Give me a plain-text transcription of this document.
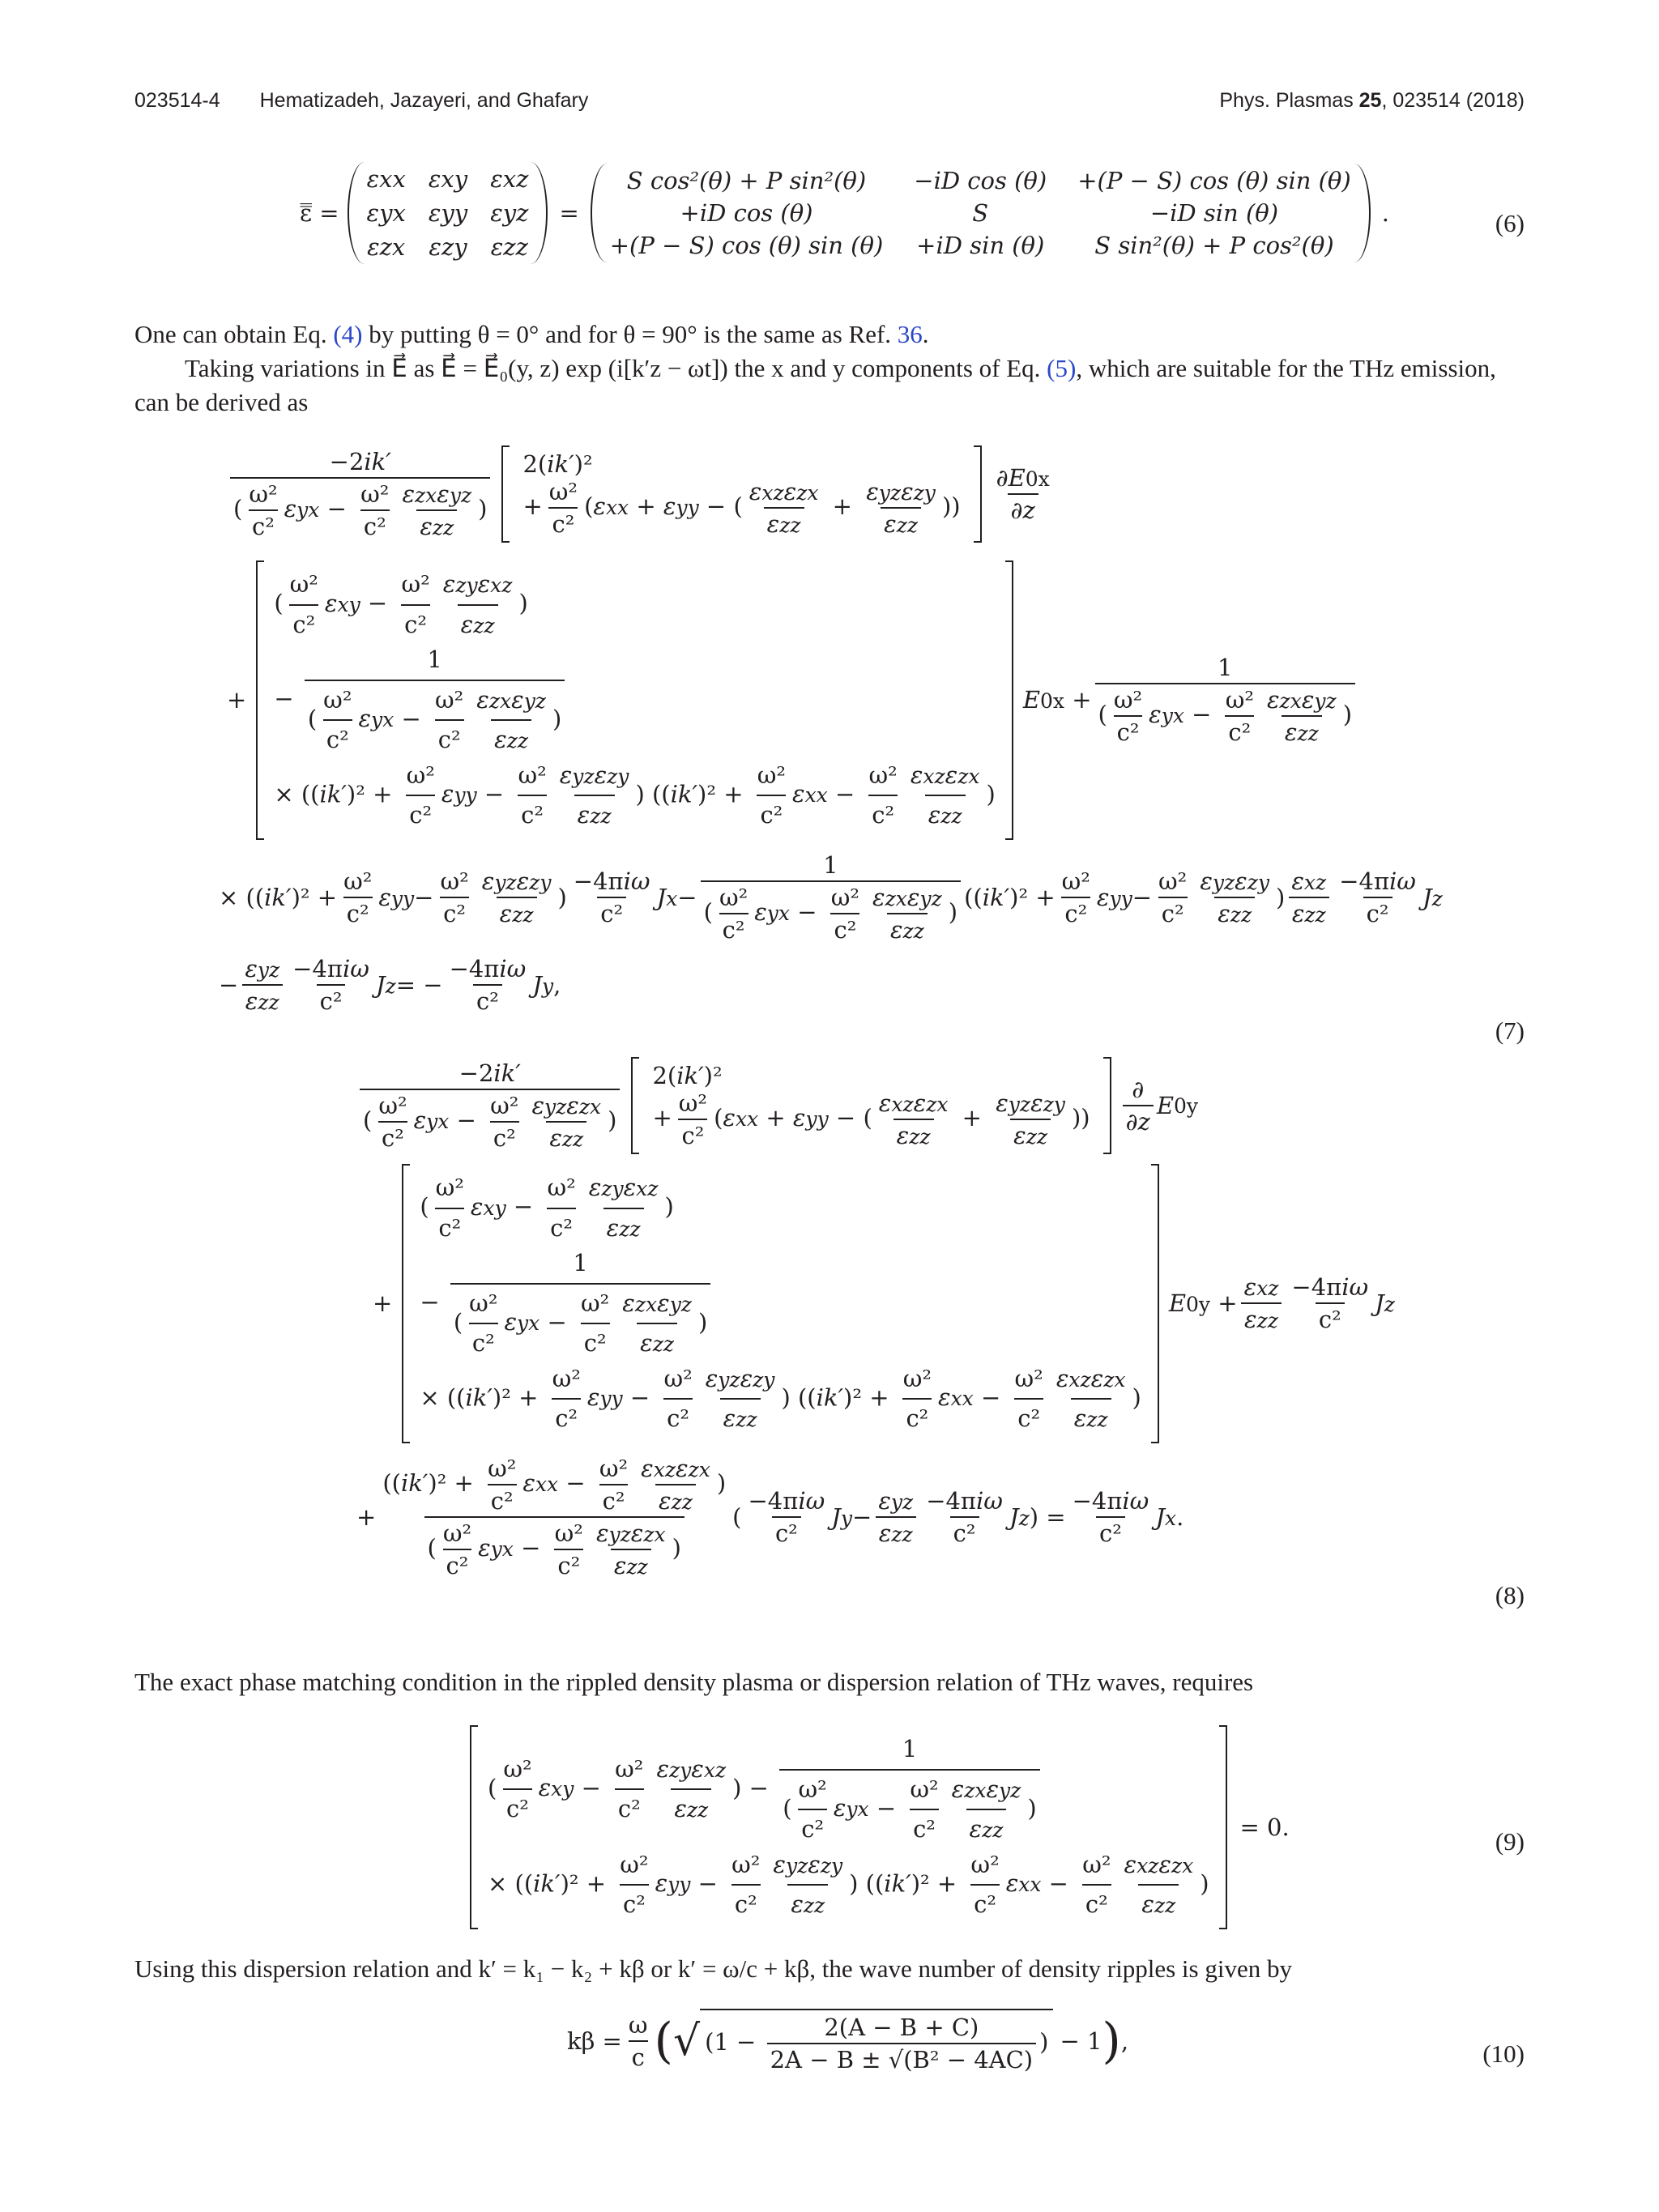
023514-4 Hematizadeh, Jazayeri, and Ghafary	Phys. Plasmas 25, 023514 (2018)
ε̿ =
εxx εxy εxz
εyx εyy εyz
εzx εzy εzz
=
S cos²(θ) + P sin²(θ)	−iD cos (θ) +(P − S) cos (θ) sin (θ)
+iD cos (θ)	S	−iD sin (θ)
+(P − S) cos (θ) sin (θ) +iD sin (θ)	S sin²(θ) + P cos²(θ)
.	(6)
One can obtain Eq. (4) by putting θ = 0° and for θ = 90° is the same as Ref. 36.
Taking variations in E⃗ as E⃗ = E⃗₀(y, z) exp (i[k′z − ωt]) the x and y components of Eq. (5), which are suitable for the THz emission, can be derived as
$\frac{-2ik'}{( \frac{\text{ω²}}{\text{c²}} \varepsilon yx - \frac{\text{ω²}}{\text{c²}} \frac{\text{εzxεyz}}{\text{εzz}} )}$	2(ik′)²
+ $\frac{\text{ω²}}{\text{c²}} (\varepsilon xx + \varepsilon yy$ − ( $\frac{\text{εxzεzx}}{\text{εzz}} + \frac{\text{εyzεzy}}{\text{εzz}}$ ))	$\frac{\partial E0x}{\partial z}$
+
( $\frac{\text{ω²}}{\text{c²}}$ $\varepsilon xy - \frac{\text{ω²}}{\text{c²}} \frac{\text{εzyεxz}}{\text{εzz}}$ )
− $\frac{1}{( \frac{\text{ω²}}{\text{c²}} \varepsilon yx - \frac{\text{ω²}}{\text{c²}} \frac{\text{εzxεyz}}{\text{εzz}} )}$

× ($(ik')^2 + \frac{\text{ω²}}{\text{c²}}$ $\varepsilon yy - \frac{\text{ω²}}{\text{c²}} \frac{\text{εyzεzy}}{\text{εzz}}$ ) ($(ik')^2 + \frac{\text{ω²}}{\text{c²}}$ $\varepsilon xx - \frac{\text{ω²}}{\text{c²}} \frac{\text{εxzεzx}}{\text{εzz}}$ )
$E0x + \frac{1}{( \frac{\text{ω²}}{\text{c²}} \varepsilon yx - \frac{\text{ω²}}{\text{c²}} \frac{\text{εzxεyz}}{\text{εzz}} )}$
× (( ik′ )$^2 + \frac{\text{ω²}}{\text{c²}}$ $\varepsilon yy - \frac{\text{ω²}}{\text{c²}} \frac{\text{εyzεzy}}{\text{εzz}}$ ) $\frac{\text{−4πiω}}{\text{c²}}$ $Jx - \frac{1}{( \frac{\text{ω²}}{\text{c²}} \varepsilon yx - \frac{\text{ω²}}{\text{c²}} \frac{\text{εzxεyz}}{\text{εzz}} )}$ (( ik′ )$^2 + \frac{\text{ω²}}{\text{c²}}$ $\varepsilon yy - \frac{\text{ω²}}{\text{c²}} \frac{\text{εyzεzy}}{\text{εzz}}$ ) $\frac{\text{εxz}}{\text{εzz}} \frac{\text{−4πiω}}{\text{c²}}$ Jz
− $\frac{\text{εyz}}{\text{εzz}} \frac{\text{−4πiω}}{\text{c²}}$ Jz = − $\frac{\text{−4πiω}}{\text{c²}}$ Jy ,
(7)
$\frac{-2ik'}{( \frac{\text{ω²}}{\text{c²}} \varepsilon yx - \frac{\text{ω²}}{\text{c²}} \frac{\text{εyzεzx}}{\text{εzz}} )}$	2(ik′)²
+ $\frac{\text{ω²}}{\text{c²}} (\varepsilon xx + \varepsilon yy$ − ( $\frac{\text{εxzεzx}}{\text{εzz}} + \frac{\text{εyzεzy}}{\text{εzz}}$ ))	$\frac{\partial}{\partial z}$ E 0y
+
( $\frac{\text{ω²}}{\text{c²}}$ $\varepsilon xy - \frac{\text{ω²}}{\text{c²}} \frac{\text{εzyεxz}}{\text{εzz}}$ )
− $\frac{1}{( \frac{\text{ω²}}{\text{c²}} \varepsilon yx - \frac{\text{ω²}}{\text{c²}} \frac{\text{εzxεyz}}{\text{εzz}} )}$

× ($(ik')^2 + \frac{\text{ω²}}{\text{c²}}$ $\varepsilon yy - \frac{\text{ω²}}{\text{c²}} \frac{\text{εyzεzy}}{\text{εzz}}$ ) ($(ik')^2 + \frac{\text{ω²}}{\text{c²}}$ $\varepsilon xx - \frac{\text{ω²}}{\text{c²}} \frac{\text{εxzεzx}}{\text{εzz}}$ )
$E0y + \frac{\text{εxz}}{\text{εzz}} \frac{\text{−4πiω}}{\text{c²}}$ Jz
+ $\frac{((ik')^2 + \frac{\text{ω²}}{\text{c²}} \varepsilon xx - \frac{\text{ω²}}{\text{c²}} \frac{\text{εxzεzx}}{\text{εzz}} )}{( \frac{\text{ω²}}{\text{c²}} \varepsilon yx - \frac{\text{ω²}}{\text{c²}} \frac{\text{εyzεzx}}{\text{εzz}} )}$ ( $\frac{\text{−4πiω}}{\text{c²}}$ $Jy - \frac{\text{εyz}}{\text{εzz}} \frac{\text{−4πiω}}{\text{c²}}$ Jz ) = $\frac{\text{−4πiω}}{\text{c²}}$ Jx .
(8)
The exact phase matching condition in the rippled density plasma or dispersion relation of THz waves, requires
( $\frac{\text{ω²}}{\text{c²}}$ $\varepsilon xy - \frac{\text{ω²}}{\text{c²}} \frac{\text{εzyεxz}}{\text{εzz}}$ ) − $\frac{1}{( \frac{\text{ω²}}{\text{c²}} \varepsilon yx - \frac{\text{ω²}}{\text{c²}} \frac{\text{εzxεyz}}{\text{εzz}} )}$

× ($(ik')^2 + \frac{\text{ω²}}{\text{c²}}$ $\varepsilon yy - \frac{\text{ω²}}{\text{c²}} \frac{\text{εyzεzy}}{\text{εzz}}$ ) ($(ik')^2 + \frac{\text{ω²}}{\text{c²}}$ $\varepsilon xx - \frac{\text{ω²}}{\text{c²}} \frac{\text{εxzεzx}}{\text{εzz}}$ )
= 0.
(9)
Using this dispersion relation and k′ = k₁ − k₂ + kβ or k′ = ω/c + kβ, the wave number of density ripples is given by
$k\beta = \frac{\omega}{c}$ ( √ ($1 - \frac{2(A - B + C)}{\text{2A − B ± √(B² − 4AC)}}$ ) − 1 ) ,	(10)
